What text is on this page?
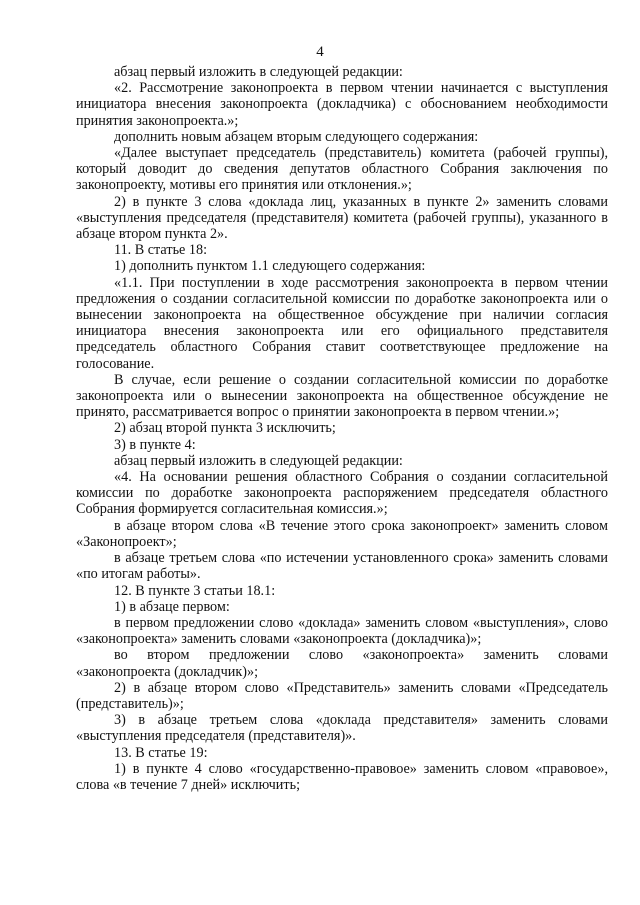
4

абзац первый изложить в следующей редакции:

«2. Рассмотрение законопроекта в первом чтении начинается с выступления инициатора внесения законопроекта (докладчика) с обоснованием необходимости принятия законопроекта.»;

дополнить новым абзацем вторым следующего содержания:

«Далее выступает председатель (представитель) комитета (рабочей группы), который доводит до сведения депутатов областного Собрания заключения по законопроекту, мотивы его принятия или отклонения.»;

2) в пункте 3 слова «доклада лиц, указанных в пункте 2» заменить словами «выступления председателя (представителя) комитета (рабочей группы), указанного в абзаце втором пункта 2».

11. В статье 18:

1) дополнить пунктом 1.1 следующего содержания:

«1.1. При поступлении в ходе рассмотрения законопроекта в первом чтении предложения о создании согласительной комиссии по доработке законопроекта или о вынесении законопроекта на общественное обсуждение при наличии согласия инициатора внесения законопроекта или его официального представителя председатель областного Собрания ставит соответствующее предложение на голосование.

В случае, если решение о создании согласительной комиссии по доработке законопроекта или о вынесении законопроекта на общественное обсуждение не принято, рассматривается вопрос о принятии законопроекта в первом чтении.»;

2) абзац второй пункта 3 исключить;

3) в пункте 4:

абзац первый изложить в следующей редакции:

«4. На основании решения областного Собрания о создании согласительной комиссии по доработке законопроекта распоряжением председателя областного Собрания формируется согласительная комиссия.»;

в абзаце втором слова «В течение этого срока законопроект» заменить словом «Законопроект»;

в абзаце третьем слова «по истечении установленного срока» заменить словами «по итогам работы».

12. В пункте 3 статьи 18.1:

1) в абзаце первом:

в первом предложении слово «доклада» заменить словом «выступления», слово «законопроекта» заменить словами «законопроекта (докладчика)»;

во втором предложении слово «законопроекта» заменить словами «законопроекта (докладчик)»;

2) в абзаце втором слово «Представитель» заменить словами «Председатель (представитель)»;

3) в абзаце третьем слова «доклада представителя» заменить словами «выступления председателя (представителя)».

13. В статье 19:

1) в пункте 4 слово «государственно-правовое» заменить словом «правовое», слова «в течение 7 дней» исключить;
